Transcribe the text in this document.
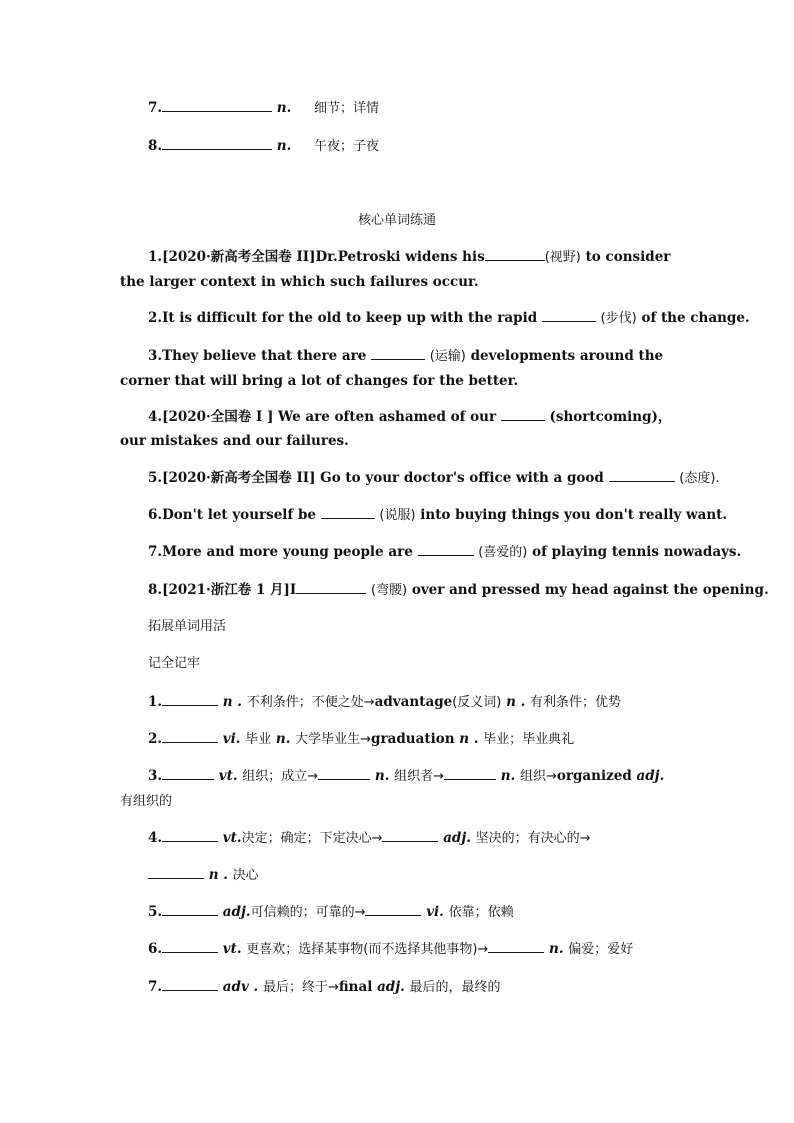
7.	n. 细节；详情
8.	n. 午夜；子夜
核心单词练通
1.[2020·新高考全国卷 II]Dr.Petroski widens his	(视野) to consider the larger context in which such failures occur.
2.It is difficult for the old to keep up with the rapid	(步伐) of the change.
3.They believe that there are	(运输) developments around the corner that will bring a lot of changes for the better.
4.[2020·全国卷 I ] We are often ashamed of our	(shortcoming)， our mistakes and our failures.
5.[2020·新高考全国卷 II] Go to your doctor's office with a good	(态度).
6.Don't let yourself be	(说服) into buying things you don't really want.
7.More and more young people are	(喜爱的) of playing tennis nowadays.
8.[2021·浙江卷 1 月]I	(弯腰) over and pressed my head against the opening.
拓展单词用活
记全记牢
1.	n . 不利条件；不便之处→advantage(反义词) n . 有利条件；优势
2.	vi. 毕业 n. 大学毕业生→graduation n . 毕业；毕业典礼
3.	vt. 组织；成立→	n. 组织者→	n. 组织→organized adj.有组织的
4.	vt.决定；确定；下定决心→	adj. 坚决的；有决心的→
n . 决心
5.	adj.可信赖的；可靠的→	vi. 依靠；依赖
6.	vt. 更喜欢；选择某事物(而不选择其他事物)→	n. 偏爱；爱好
7.	adv . 最后；终于→final adj. 最后的，最终的
